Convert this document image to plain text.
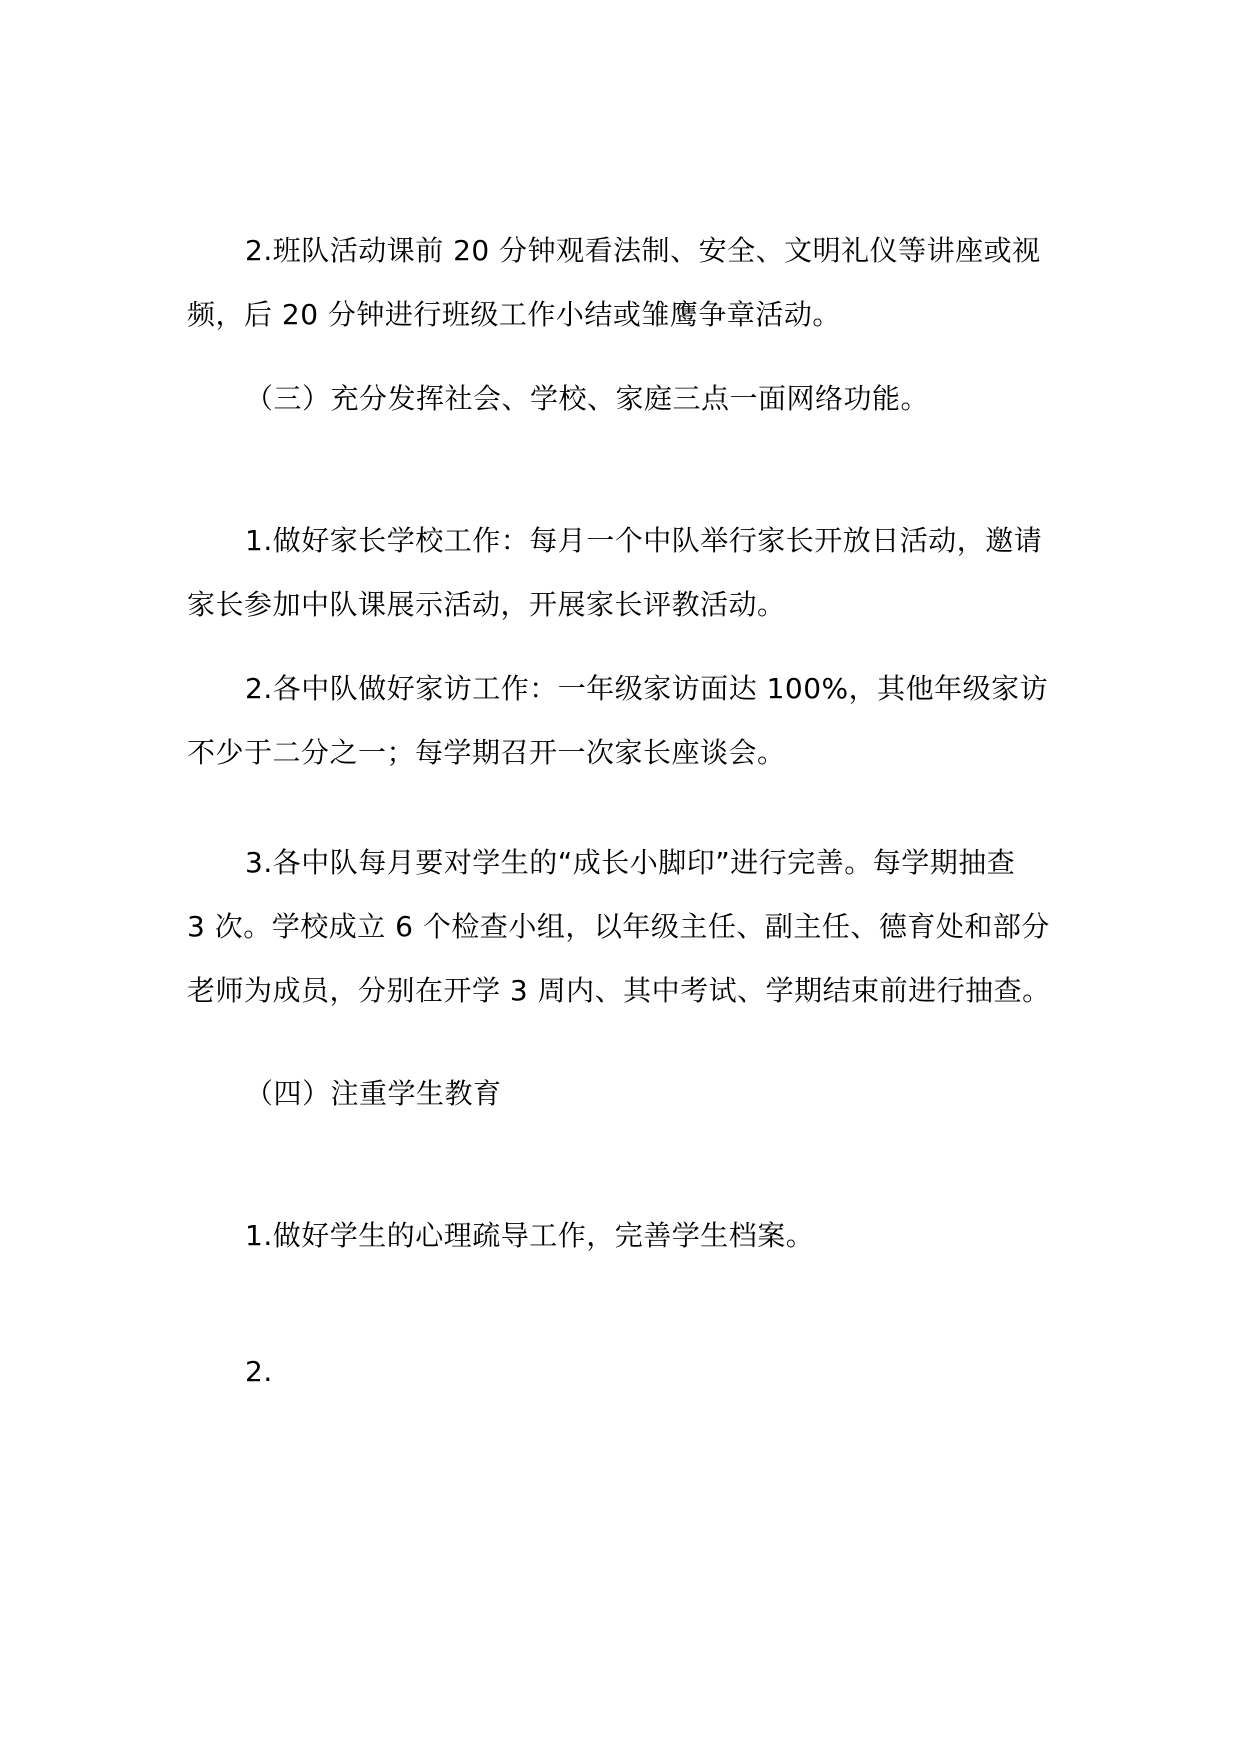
2.班队活动课前 20 分钟观看法制、安全、文明礼仪等讲座或视
频，后 20 分钟进行班级工作小结或雏鹰争章活动。

（三）充分发挥社会、学校、家庭三点一面网络功能。

1.做好家长学校工作：每月一个中队举行家长开放日活动，邀请
家长参加中队课展示活动，开展家长评教活动。

2.各中队做好家访工作：一年级家访面达 100%，其他年级家访
不少于二分之一；每学期召开一次家长座谈会。

3.各中队每月要对学生的“成长小脚印”进行完善。每学期抽查
3 次。学校成立 6 个检查小组，以年级主任、副主任、德育处和部分
老师为成员，分别在开学 3 周内、其中考试、学期结束前进行抽查。

（四）注重学生教育

1.做好学生的心理疏导工作，完善学生档案。

2.
